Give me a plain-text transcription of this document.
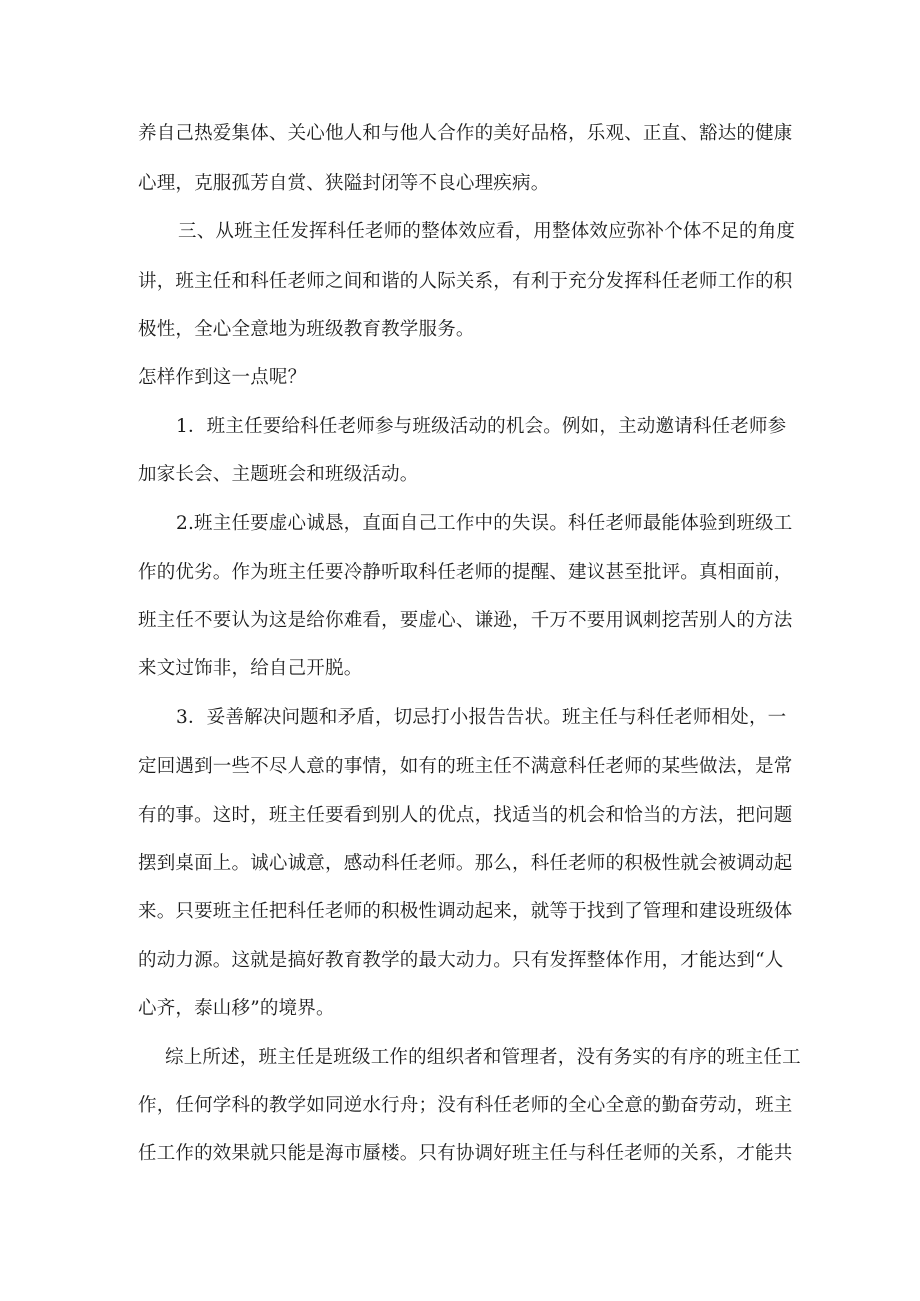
养自己热爱集体、关心他人和与他人合作的美好品格，乐观、正直、豁达的健康
心理，克服孤芳自赏、狭隘封闭等不良心理疾病。
三、从班主任发挥科任老师的整体效应看，用整体效应弥补个体不足的角度
讲，班主任和科任老师之间和谐的人际关系，有利于充分发挥科任老师工作的积
极性，全心全意地为班级教育教学服务。
怎样作到这一点呢？
1．班主任要给科任老师参与班级活动的机会。例如，主动邀请科任老师参
加家长会、主题班会和班级活动。
2.班主任要虚心诚恳，直面自己工作中的失误。科任老师最能体验到班级工
作的优劣。作为班主任要冷静听取科任老师的提醒、建议甚至批评。真相面前，
班主任不要认为这是给你难看，要虚心、谦逊，千万不要用讽刺挖苦别人的方法
来文过饰非，给自己开脱。
3．妥善解决问题和矛盾，切忌打小报告告状。班主任与科任老师相处，一
定回遇到一些不尽人意的事情，如有的班主任不满意科任老师的某些做法，是常
有的事。这时，班主任要看到别人的优点，找适当的机会和恰当的方法，把问题
摆到桌面上。诚心诚意，感动科任老师。那么，科任老师的积极性就会被调动起
来。只要班主任把科任老师的积极性调动起来，就等于找到了管理和建设班级体
的动力源。这就是搞好教育教学的最大动力。只有发挥整体作用，才能达到“人
心齐，泰山移”的境界。
综上所述，班主任是班级工作的组织者和管理者，没有务实的有序的班主任工
作，任何学科的教学如同逆水行舟；没有科任老师的全心全意的勤奋劳动，班主
任工作的效果就只能是海市蜃楼。只有协调好班主任与科任老师的关系，才能共
